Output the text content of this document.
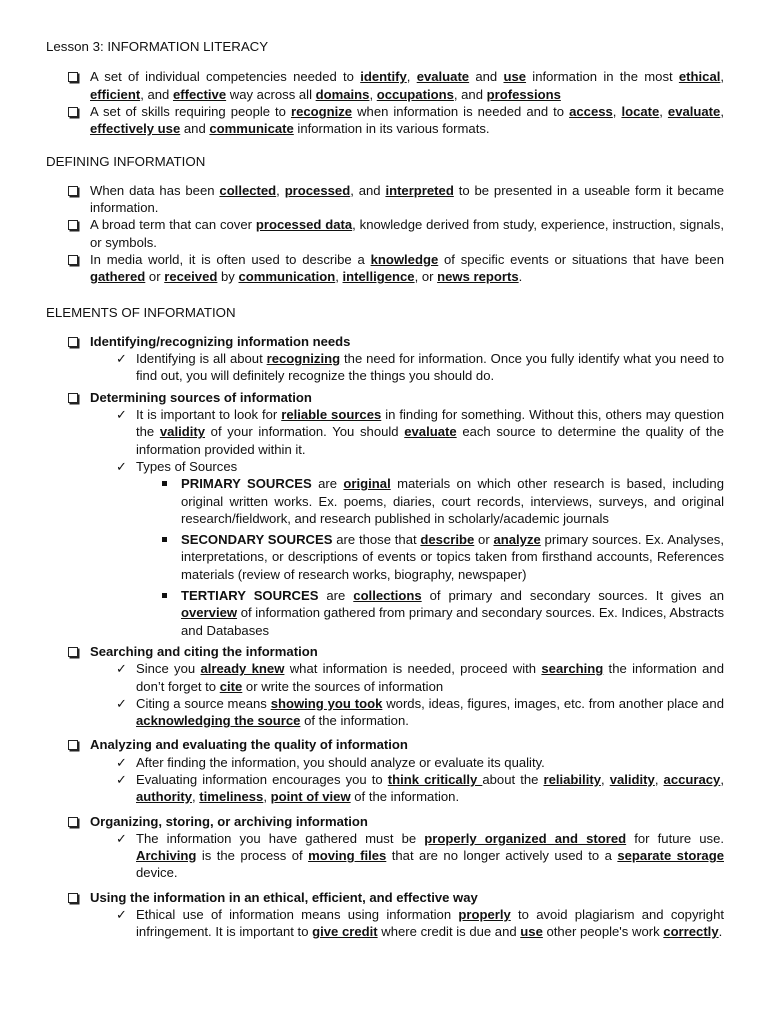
Lesson 3: INFORMATION LITERACY
A set of individual competencies needed to identify, evaluate and use information in the most ethical, efficient, and effective way across all domains, occupations, and professions
A set of skills requiring people to recognize when information is needed and to access, locate, evaluate, effectively use and communicate information in its various formats.
DEFINING INFORMATION
When data has been collected, processed, and interpreted to be presented in a useable form it became information.
A broad term that can cover processed data, knowledge derived from study, experience, instruction, signals, or symbols.
In media world, it is often used to describe a knowledge of specific events or situations that have been gathered or received by communication, intelligence, or news reports.
ELEMENTS OF INFORMATION
Identifying/recognizing information needs
✓ Identifying is all about recognizing the need for information. Once you fully identify what you need to find out, you will definitely recognize the things you should do.
Determining sources of information
✓ It is important to look for reliable sources in finding for something. Without this, others may question the validity of your information. You should evaluate each source to determine the quality of the information provided within it.
✓ Types of Sources
PRIMARY SOURCES are original materials on which other research is based, including original written works. Ex. poems, diaries, court records, interviews, surveys, and original research/fieldwork, and research published in scholarly/academic journals
SECONDARY SOURCES are those that describe or analyze primary sources. Ex. Analyses, interpretations, or descriptions of events or topics taken from firsthand accounts, References materials (review of research works, biography, newspaper)
TERTIARY SOURCES are collections of primary and secondary sources. It gives an overview of information gathered from primary and secondary sources. Ex. Indices, Abstracts and Databases
Searching and citing the information
✓ Since you already knew what information is needed, proceed with searching the information and don’t forget to cite or write the sources of information
✓ Citing a source means showing you took words, ideas, figures, images, etc. from another place and acknowledging the source of the information.
Analyzing and evaluating the quality of information
✓ After finding the information, you should analyze or evaluate its quality.
✓ Evaluating information encourages you to think critically about the reliability, validity, accuracy, authority, timeliness, point of view of the information.
Organizing, storing, or archiving information
✓ The information you have gathered must be properly organized and stored for future use. Archiving is the process of moving files that are no longer actively used to a separate storage device.
Using the information in an ethical, efficient, and effective way
✓ Ethical use of information means using information properly to avoid plagiarism and copyright infringement. It is important to give credit where credit is due and use other people's work correctly.
